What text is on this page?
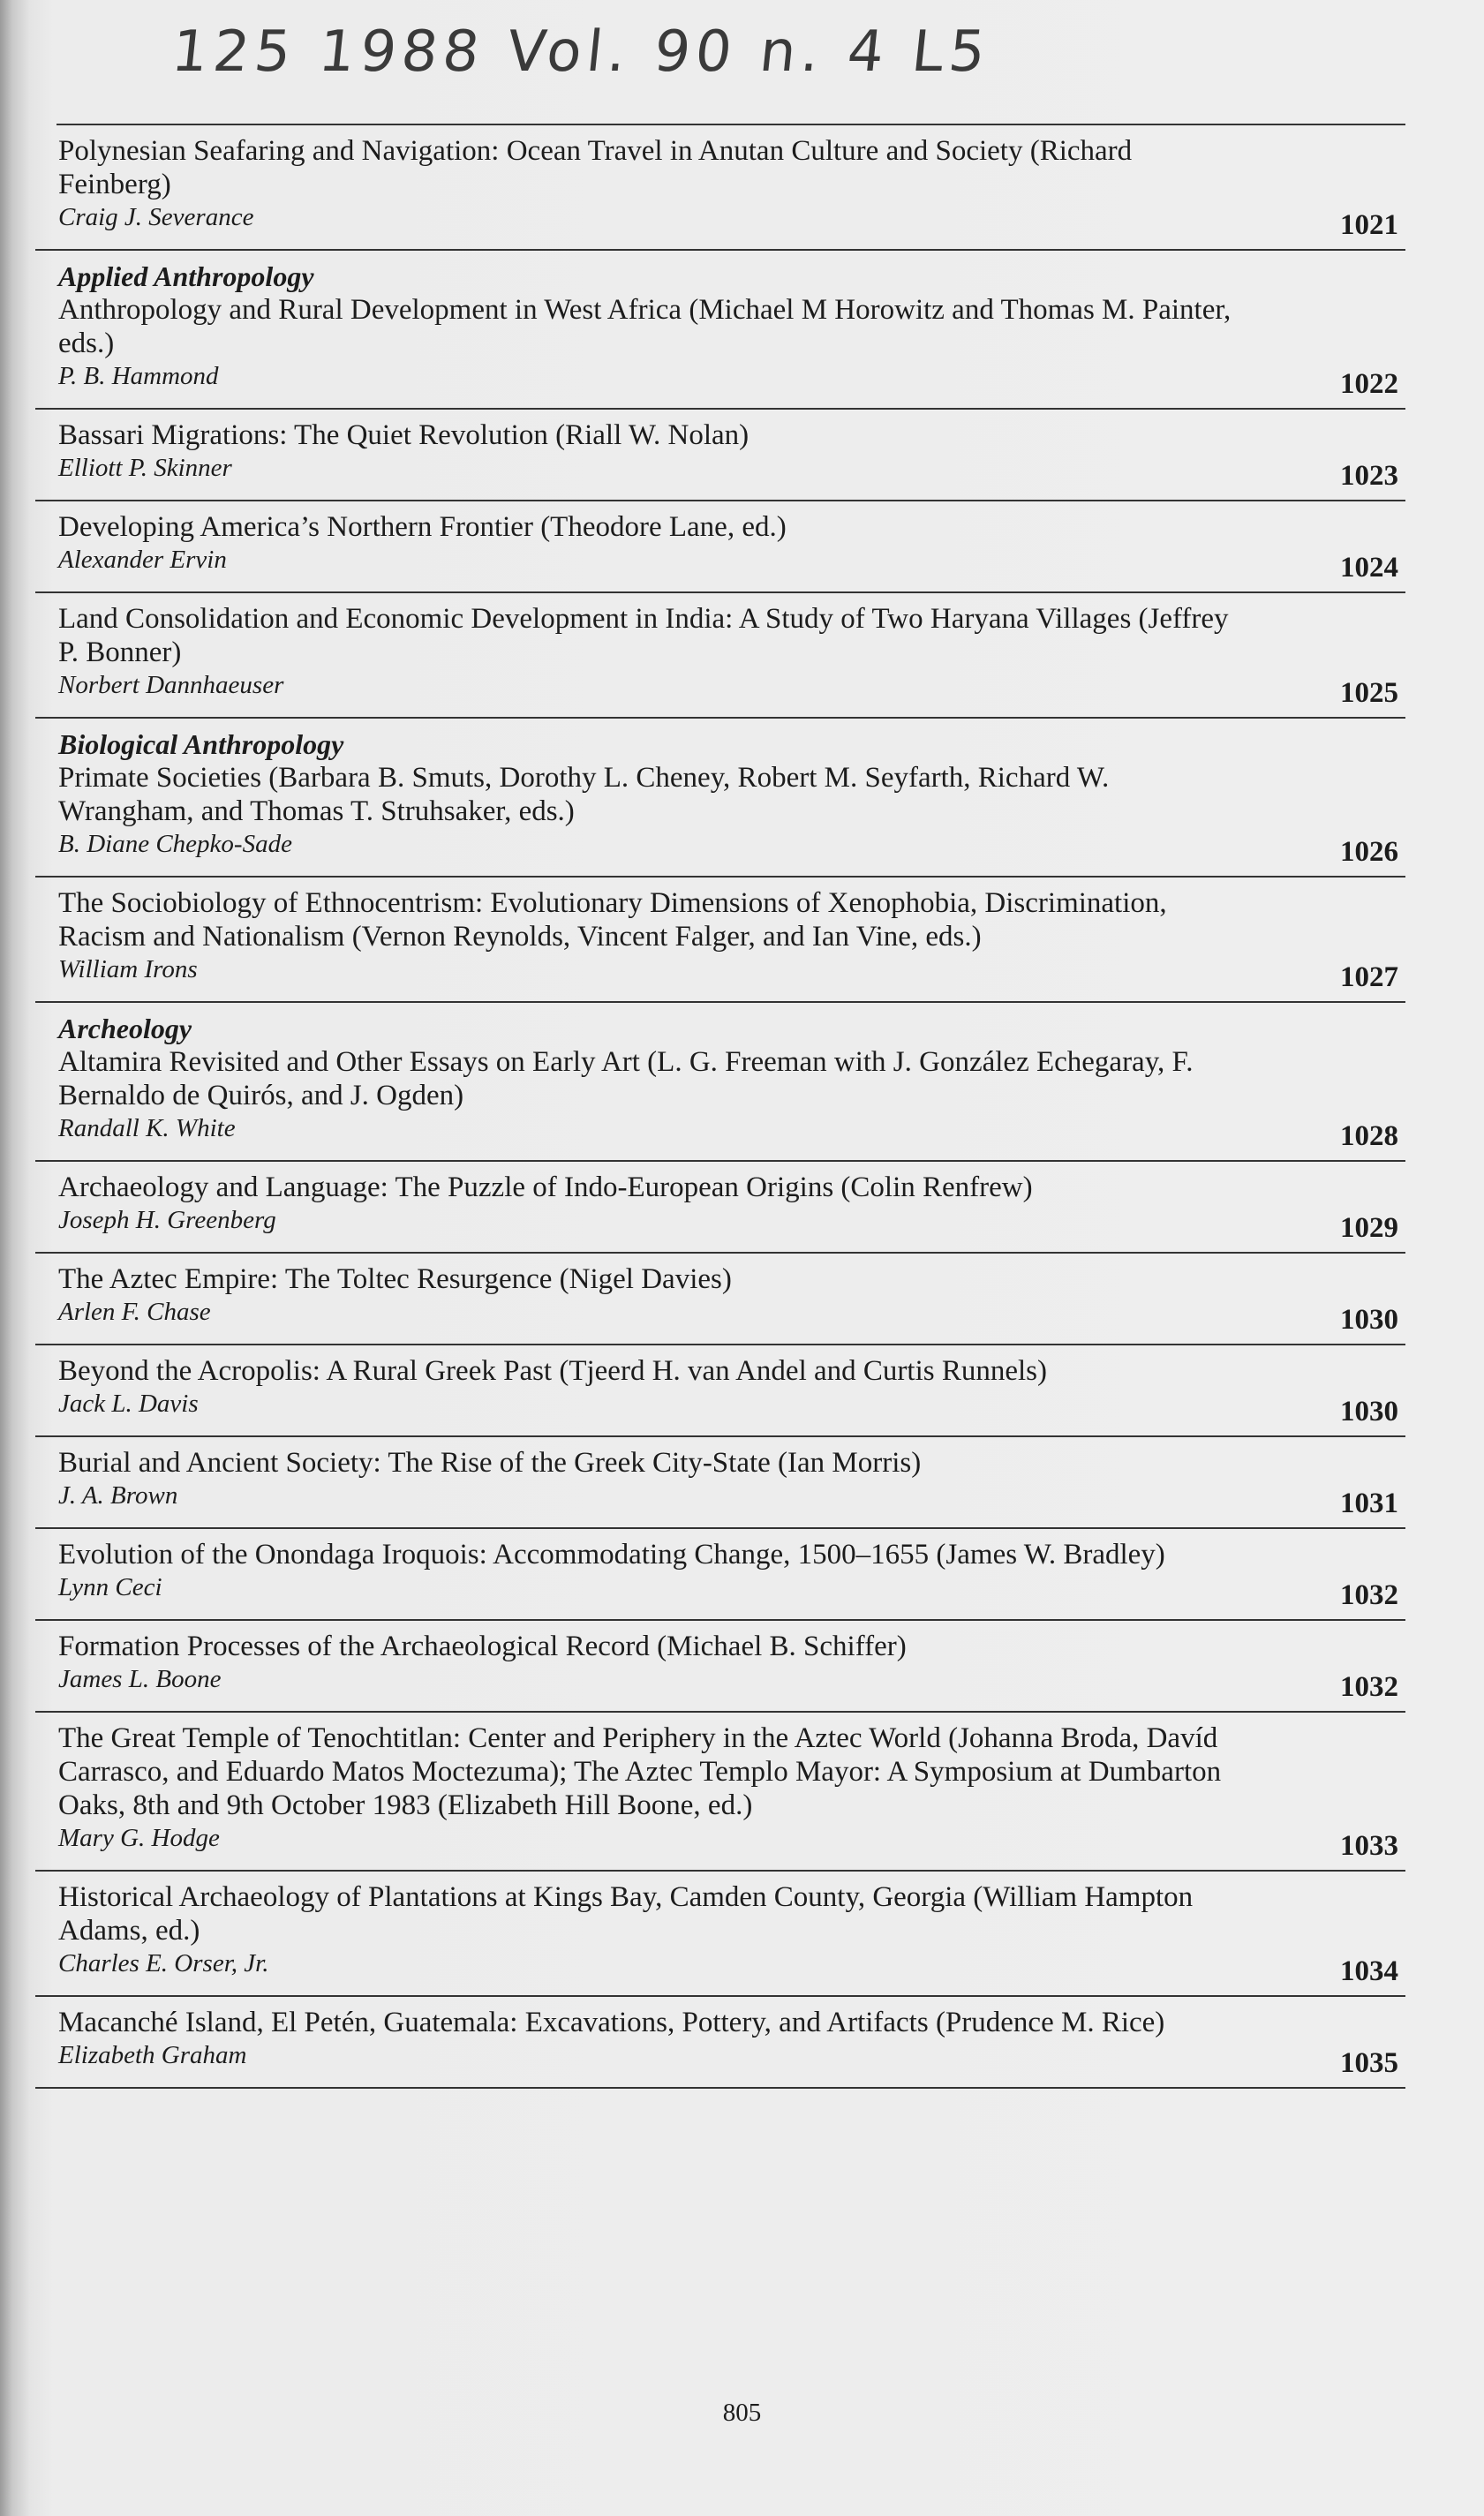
125 1988 Vol. 90 n. 4 L5
Polynesian Seafaring and Navigation: Ocean Travel in Anutan Culture and Society (Richard Feinberg)
Craig J. Severance	1021
Applied Anthropology
Anthropology and Rural Development in West Africa (Michael M Horowitz and Thomas M. Painter, eds.)
P. B. Hammond	1022
Bassari Migrations: The Quiet Revolution (Riall W. Nolan)
Elliott P. Skinner	1023
Developing America’s Northern Frontier (Theodore Lane, ed.)
Alexander Ervin	1024
Land Consolidation and Economic Development in India: A Study of Two Haryana Villages (Jeffrey P. Bonner)
Norbert Dannhaeuser	1025
Biological Anthropology
Primate Societies (Barbara B. Smuts, Dorothy L. Cheney, Robert M. Seyfarth, Richard W. Wrangham, and Thomas T. Struhsaker, eds.)
B. Diane Chepko-Sade	1026
The Sociobiology of Ethnocentrism: Evolutionary Dimensions of Xenophobia, Discrimination, Racism and Nationalism (Vernon Reynolds, Vincent Falger, and Ian Vine, eds.)
William Irons	1027
Archeology
Altamira Revisited and Other Essays on Early Art (L. G. Freeman with J. González Echegaray, F. Bernaldo de Quirós, and J. Ogden)
Randall K. White	1028
Archaeology and Language: The Puzzle of Indo-European Origins (Colin Renfrew)
Joseph H. Greenberg	1029
The Aztec Empire: The Toltec Resurgence (Nigel Davies)
Arlen F. Chase	1030
Beyond the Acropolis: A Rural Greek Past (Tjeerd H. van Andel and Curtis Runnels)
Jack L. Davis	1030
Burial and Ancient Society: The Rise of the Greek City-State (Ian Morris)
J. A. Brown	1031
Evolution of the Onondaga Iroquois: Accommodating Change, 1500–1655 (James W. Bradley)
Lynn Ceci	1032
Formation Processes of the Archaeological Record (Michael B. Schiffer)
James L. Boone	1032
The Great Temple of Tenochtitlan: Center and Periphery in the Aztec World (Johanna Broda, Davíd Carrasco, and Eduardo Matos Moctezuma); The Aztec Templo Mayor: A Symposium at Dumbarton Oaks, 8th and 9th October 1983 (Elizabeth Hill Boone, ed.)
Mary G. Hodge	1033
Historical Archaeology of Plantations at Kings Bay, Camden County, Georgia (William Hampton Adams, ed.)
Charles E. Orser, Jr.	1034
Macanché Island, El Petén, Guatemala: Excavations, Pottery, and Artifacts (Prudence M. Rice)
Elizabeth Graham	1035
805
